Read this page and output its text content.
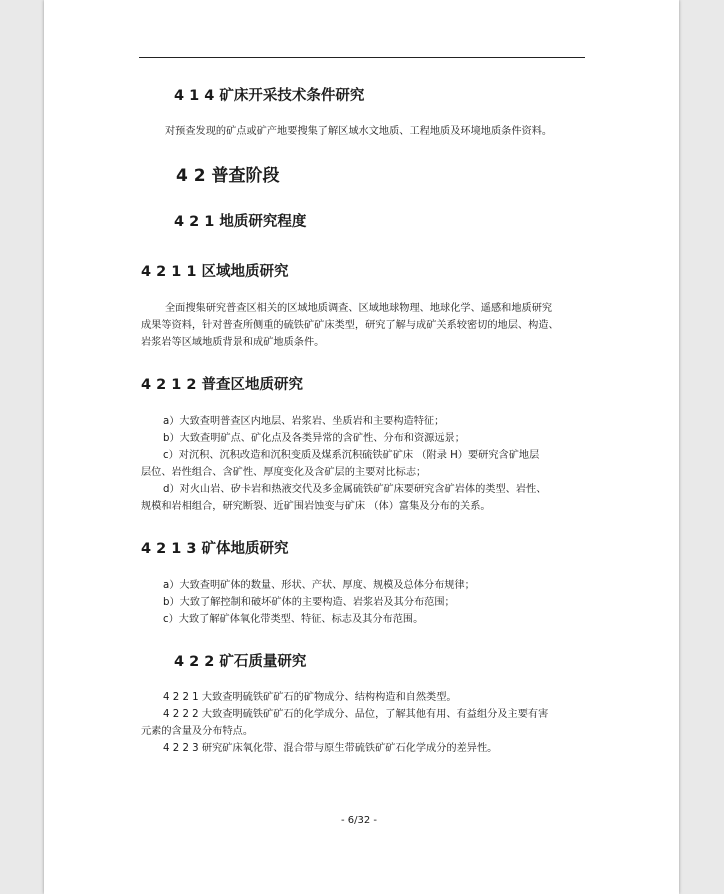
4 1 4 矿床开采技术条件研究
对预查发现的矿点或矿产地要搜集了解区域水文地质、工程地质及环境地质条件资料。
4 2 普查阶段
4 2 1 地质研究程度
4 2 1 1 区域地质研究
全面搜集研究普查区相关的区域地质调查、区域地球物理、地球化学、遥感和地质研究
成果等资料，针对普查所侧重的硫铁矿矿床类型，研究了解与成矿关系较密切的地层、构造、
岩浆岩等区域地质背景和成矿地质条件。
4 2 1 2 普查区地质研究
a）大致查明普查区内地层、岩浆岩、坐质岩和主要构造特征；
b）大致查明矿点、矿化点及各类异常的含矿性、分布和资源远景；
c）对沉积、沉积改造和沉积变质及煤系沉积硫铁矿矿床 （附录 H）要研究含矿地层
层位、岩性组合、含矿性、厚度变化及含矿层的主要对比标志；
d）对火山岩、矽卡岩和热液交代及多金属硫铁矿矿床要研究含矿岩体的类型、岩性、
规模和岩相组合，研究断裂、近矿围岩蚀变与矿床 （体）富集及分布的关系。
4 2 1 3 矿体地质研究
a）大致查明矿体的数量、形状、产状、厚度、规模及总体分布规律；
b）大致了解控制和破坏矿体的主要构造、岩浆岩及其分布范围；
c）大致了解矿体氧化带类型、特征、标志及其分布范围。
4 2 2 矿石质量研究
4 2 2 1 大致查明硫铁矿矿石的矿物成分、结构构造和自然类型。
4 2 2 2 大致查明硫铁矿矿石的化学成分、品位，了解其他有用、有益组分及主要有害
元素的含量及分布特点。
4 2 2 3 研究矿床氧化带、混合带与原生带硫铁矿矿石化学成分的差异性。
- 6/32 -
